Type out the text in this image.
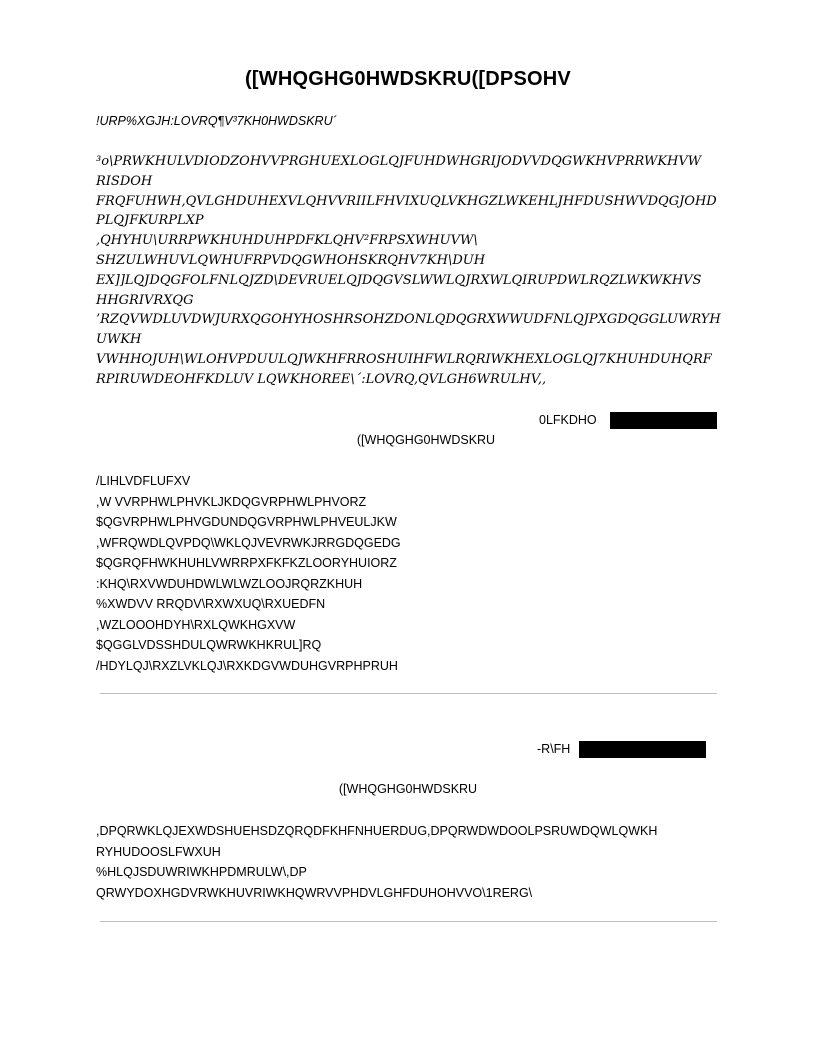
([WHQGHG0HWDSKRU([DPSOHV
!URP%XGJH:LOVRQ¶V³7KH0HWDSKRU´
³o\PRWKHULVDIODZOHVVPRGHUEXLOGLQJFUHDWHGRIJODVVDQGWKHVPRRWKHVW
RISDOH
FRQFUHWH,QVLGHDUHEXVLQHVVRIILFHVIXUQLVKHGZLWKEHLJHFDUSHWVDQGJOHD
PLQJFKURPLXP
,QHYHU\URRPWKHUHDUHPDFKLQHV²FRPSXWHUVW\
SHZULWHUVLQWHUFRPVDQGWHOHSKRQHV7KH\DUH
EX]]LQJDQGFOLFNLQJZD\DEVRUELQJDQGVSLWWLQJRXWLQIRUPDWLRQZLWKWKHVS
HHGRIVRXQG
’RZQVWDLUVDWJURXQGOHYHOSHRSOHZDONLQDQGRXWWUDFNLQJPXGDQGGLUWRYH
UWKH
VWHHOJUH\WLOHVPDUULQJWKHFRROSHUIHFWLRQRIWKHEXLOGLQJ7KHUHDUHQRF
RPIRUWDEOHFKDLUV LQWKHOREE\´:LOVRQ,QVLGH6WRULHV,,
0LFKDHO
([WHQGHG0HWDSKRU
/LIHLVDFLUFXV
,W VVRPHWLPHVKLJKDQGVRPHWLPHVORZ
$QGVRPHWLPHVGDUNDQGVRPHWLPHVEULJKW
,WFRQWDLQVPDQ\WKLQJVEVRWKJRRGDQGEDG
$QGRQFHWKHUHLVWRRPXFKFKZLOORYHUIORZ
:KHQ\RXVWDUHDWLWLWZLOOJRQRZKHUH
%XWDVV RRQDV\RXWXUQ\RXUEDFN
,WZLOOOHDYH\RXLQWKHGXVW
$QGGLVDSSHDULQWRWKHKRUL]RQ
/HDYLQJ\RXZLVKLQJ\RXKDGVWDUHGVRPHPRUH
-R\FH
([WHQGHG0HWDSKRU
,DPQRWKLQJEXWDSHUEHSDZQRQDFKHFNHUERDUG,DPQRWDWDOOLPSRUWDQWLQWKH
RYHUDOOSLFWXUH
%HLQJSDUWRIWKHPDMRULW\,DP
QRWYDOXHGDVRWKHUVRIWKHQWRVVPHDVLGHFDUHOHVVO\1RERG\
